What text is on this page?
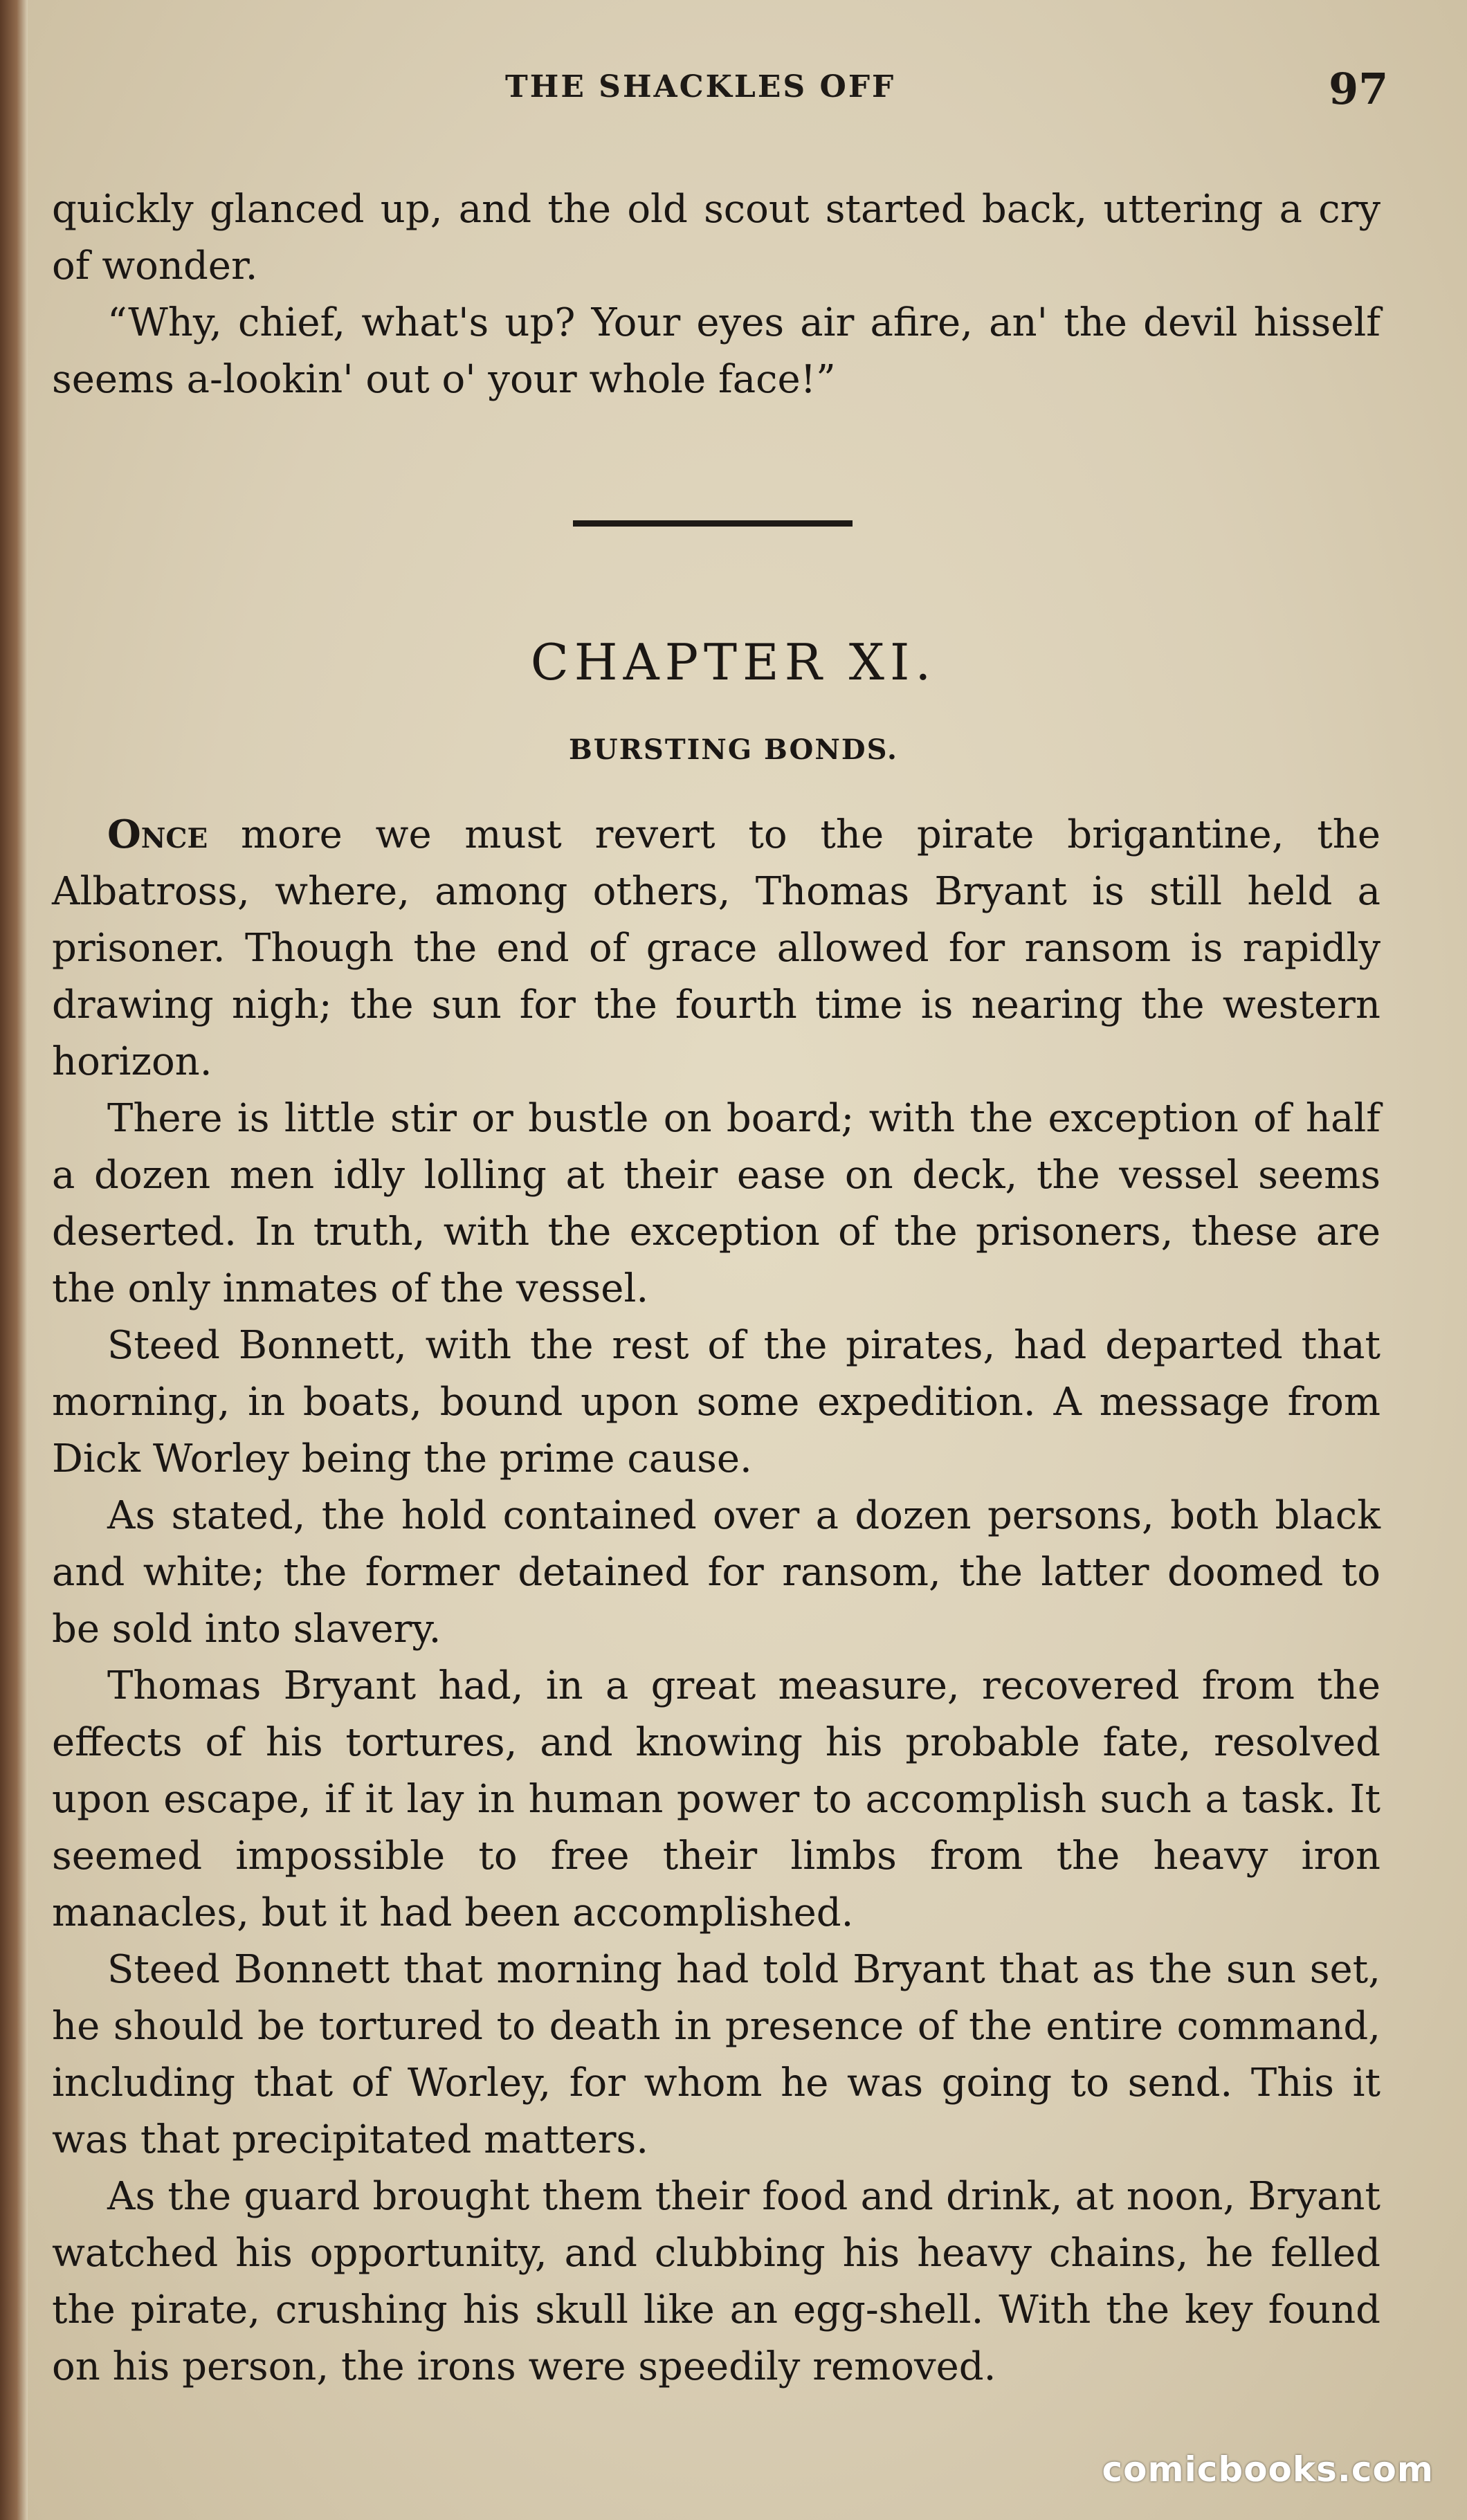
THE SHACKLES OFF	97

quickly glanced up, and the old scout started back, uttering a cry of wonder.

“Why, chief, what's up? Your eyes air afire, an' the devil hisself seems a-lookin' out o' your whole face!”

CHAPTER XI.
BURSTING BONDS.

Once more we must revert to the pirate brigantine, the Albatross, where, among others, Thomas Bryant is still held a prisoner. Though the end of grace allowed for ransom is rapidly drawing nigh; the sun for the fourth time is nearing the western horizon.

There is little stir or bustle on board; with the exception of half a dozen men idly lolling at their ease on deck, the vessel seems deserted. In truth, with the exception of the prisoners, these are the only inmates of the vessel.

Steed Bonnett, with the rest of the pirates, had departed that morning, in boats, bound upon some expedition. A message from Dick Worley being the prime cause.

As stated, the hold contained over a dozen persons, both black and white; the former detained for ransom, the latter doomed to be sold into slavery.

Thomas Bryant had, in a great measure, recovered from the effects of his tortures, and knowing his probable fate, resolved upon escape, if it lay in human power to accomplish such a task. It seemed impossible to free their limbs from the heavy iron manacles, but it had been accomplished.

Steed Bonnett that morning had told Bryant that as the sun set, he should be tortured to death in presence of the entire command, including that of Worley, for whom he was going to send. This it was that precipitated matters.

As the guard brought them their food and drink, at noon, Bryant watched his opportunity, and clubbing his heavy chains, he felled the pirate, crushing his skull like an egg-shell. With the key found on his person, the irons were speedily removed.

comicbooks.com
